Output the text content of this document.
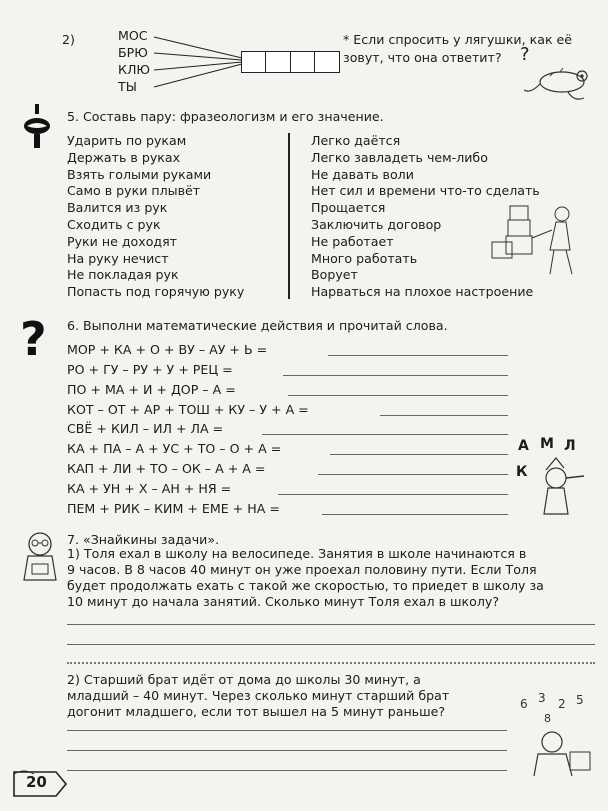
2)	МОС
БРЮ
КЛЮ
ТЫ
* Если спросить у лягушки, как её
зовут, что она ответит? ?
5. Составь пару: фразеологизм и его значение.
Ударить по рукам
Держать в руках
Взять голыми руками
Само в руки плывёт
Валится из рук
Сходить с рук
Руки не доходят
На руку нечист
Не покладая рук
Попасть под горячую руку
Легко даётся
Легко завладеть чем-либо
Не давать воли
Нет сил и времени что-то сделать
Прощается
Заключить договор
Не работает
Много работать
Ворует
Нарваться на плохое настроение
? 6. Выполни математические действия и прочитай слова.
МОР + КА + О + ВУ – АУ + Ь =
РО + ГУ – РУ + У + РЕЦ =
ПО + МА + И + ДОР – А =
КОТ – ОТ + АР + ТОШ + КУ – У + А =
СВЁ + КИЛ – ИЛ + ЛА =
КА + ПА – А + УС + ТО – О + А =
КАП + ЛИ + ТО – ОК – А + А =
КА + УН + Х – АН + НЯ =
ПЕМ + РИК – КИМ + ЕМЕ + НА =
А М Л
К
7. «Знайкины задачи».
1) Толя ехал в школу на велосипеде. Занятия в школе начинаются в
9 часов. В 8 часов 40 минут он уже проехал половину пути. Если Толя
будет продолжать ехать с такой же скоростью, то приедет в школу за
10 минут до начала занятий. Сколько минут Толя ехал в школу?
2) Старший брат идёт от дома до школы 30 минут, а
младший – 40 минут. Через сколько минут старший брат
догонит младшего, если тот вышел на 5 минут раньше?	6 3 2 5
8
20
